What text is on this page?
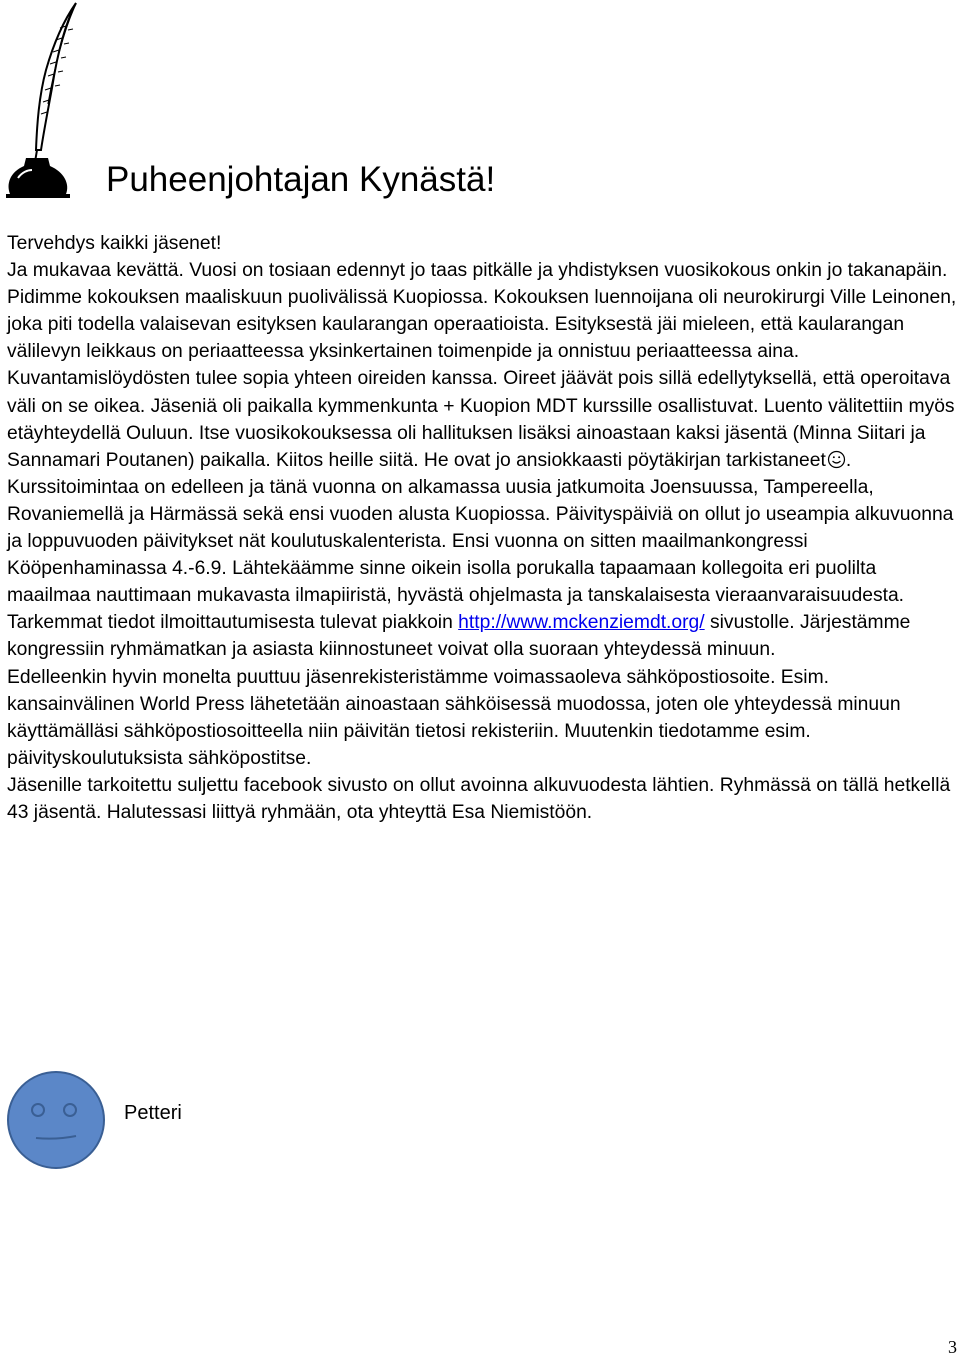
Puheenjohtajan Kynästä!

Tervehdys kaikki jäsenet!

Ja mukavaa kevättä. Vuosi on tosiaan edennyt jo taas pitkälle ja yhdistyksen vuosikokous onkin jo takanapäin. Pidimme kokouksen maaliskuun puolivälissä Kuopiossa. Kokouksen luennoijana oli neurokirurgi Ville Leinonen, joka piti todella valaisevan esityksen kaularangan operaatioista. Esityksestä jäi mieleen, että kaularangan välilevyn leikkaus on periaatteessa yksinkertainen toimenpide ja onnistuu periaatteessa aina. Kuvantamislöydösten tulee sopia yhteen oireiden kanssa. Oireet jäävät pois sillä edellytyksellä, että operoitava väli on se oikea. Jäseniä oli paikalla kymmenkunta + Kuopion MDT kurssille osallistuvat. Luento välitettiin myös etäyhteydellä Ouluun. Itse vuosikokouksessa oli hallituksen lisäksi ainoastaan kaksi jäsentä (Minna Siitari ja Sannamari Poutanen) paikalla. Kiitos heille siitä. He ovat jo ansiokkaasti pöytäkirjan tarkistaneet .

Kurssitoimintaa on edelleen ja tänä vuonna on alkamassa uusia jatkumoita Joensuussa, Tampereella, Rovaniemellä ja Härmässä sekä ensi vuoden alusta Kuopiossa. Päivityspäiviä on ollut jo useampia alkuvuonna ja loppuvuoden päivitykset nät koulutuskalenterista. Ensi vuonna on sitten maailmankongressi Kööpenhaminassa 4.-6.9. Lähtekäämme sinne oikein isolla porukalla tapaamaan kollegoita eri puolilta maailmaa nauttimaan mukavasta ilmapiiristä, hyvästä ohjelmasta ja tanskalaisesta vieraanvaraisuudesta. Tarkemmat tiedot ilmoittautumisesta tulevat piakkoin http://www.mckenziemdt.org/ sivustolle. Järjestämme kongressiin ryhmämatkan ja asiasta kiinnostuneet voivat olla suoraan yhteydessä minuun.

Edelleenkin hyvin monelta puuttuu jäsenrekisteristämme voimassaoleva sähköpostiosoite. Esim. kansainvälinen World Press lähetetään ainoastaan sähköisessä muodossa, joten ole yhteydessä minuun käyttämälläsi sähköpostiosoitteella niin päivitän tietosi rekisteriin. Muutenkin tiedotamme esim. päivityskoulutuksista sähköpostitse.

Jäsenille tarkoitettu suljettu facebook sivusto on ollut avoinna alkuvuodesta lähtien. Ryhmässä on tällä hetkellä 43 jäsentä. Halutessasi liittyä ryhmään, ota yhteyttä Esa Niemistöön.

Petteri

3
